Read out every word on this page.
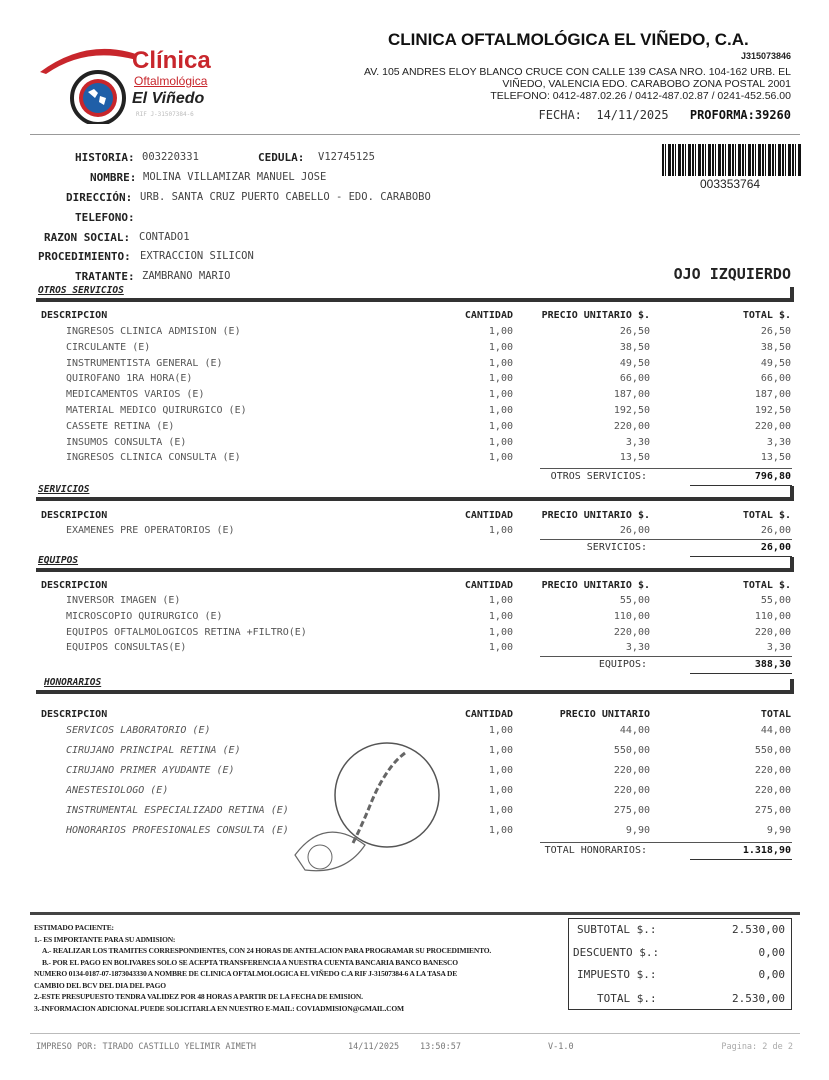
Clínica
Oftalmológica
El Viñedo
RIF J-31507384-6
CLINICA OFTALMOLÓGICA EL VIÑEDO, C.A.
J315073846
AV. 105 ANDRES ELOY BLANCO CRUCE CON CALLE 139 CASA NRO. 104-162 URB. EL
VIÑEDO, VALENCIA EDO. CARABOBO ZONA POSTAL 2001
TELEFONO: 0412-487.02.26 / 0412-487.02.87 / 0241-452.56.00
FECHA: 14/11/2025 PROFORMA:39260
003353764
HISTORIA: 003220331	CEDULA: V12745125
NOMBRE: MOLINA VILLAMIZAR MANUEL JOSE
DIRECCIÓN: URB. SANTA CRUZ PUERTO CABELLO - EDO. CARABOBO
TELEFONO:
RAZON SOCIAL: CONTADO1
PROCEDIMIENTO: EXTRACCION SILICON
TRATANTE: ZAMBRANO MARIO	OJO IZQUIERDO
OTROS SERVICIOS
DESCRIPCION	CANTIDAD	PRECIO UNITARIO $.	TOTAL $.
INGRESOS CLINICA ADMISION (E)	1,00	26,50	26,50
CIRCULANTE (E)	1,00	38,50	38,50
INSTRUMENTISTA GENERAL (E)	1,00	49,50	49,50
QUIROFANO 1RA HORA(E)	1,00	66,00	66,00
MEDICAMENTOS VARIOS (E)	1,00	187,00	187,00
MATERIAL MEDICO QUIRURGICO (E)	1,00	192,50	192,50
CASSETE RETINA (E)	1,00	220,00	220,00
INSUMOS CONSULTA (E)	1,00	3,30	3,30
INGRESOS CLINICA CONSULTA (E)	1,00	13,50	13,50
OTROS SERVICIOS:	796,80
SERVICIOS
DESCRIPCION	CANTIDAD	PRECIO UNITARIO $.	TOTAL $.
EXAMENES PRE OPERATORIOS (E)	1,00	26,00	26,00
SERVICIOS:	26,00
EQUIPOS
DESCRIPCION	CANTIDAD	PRECIO UNITARIO $.	TOTAL $.
INVERSOR IMAGEN (E)	1,00	55,00	55,00
MICROSCOPIO QUIRURGICO (E)	1,00	110,00	110,00
EQUIPOS OFTALMOLOGICOS RETINA +FILTRO(E)	1,00	220,00	220,00
EQUIPOS CONSULTAS(E)	1,00	3,30	3,30
EQUIPOS:	388,30
HONORARIOS
DESCRIPCION	CANTIDAD	PRECIO UNITARIO	TOTAL
SERVICOS LABORATORIO (E)	1,00	44,00	44,00
CIRUJANO PRINCIPAL RETINA (E)	1,00	550,00	550,00
CIRUJANO PRIMER AYUDANTE (E)	1,00	220,00	220,00
ANESTESIOLOGO (E)	1,00	220,00	220,00
INSTRUMENTAL ESPECIALIZADO RETINA (E)	1,00	275,00	275,00
HONORARIOS PROFESIONALES CONSULTA (E)	1,00	9,90	9,90
TOTAL HONORARIOS:	1.318,90
ESTIMADO PACIENTE:
1.- ES IMPORTANTE PARA SU ADMISION:
A.- REALIZAR LOS TRAMITES CORRESPONDIENTES, CON 24 HORAS DE ANTELACION PARA PROGRAMAR SU PROCEDIMIENTO.
B.- POR EL PAGO EN BOLIVARES SOLO SE ACEPTA TRANSFERENCIA A NUESTRA CUENTA BANCARIA BANCO BANESCO
NUMERO 0134-0187-07-1873043330 A NOMBRE DE CLINICA OFTALMOLOGICA EL VIÑEDO C.A RIF J-31507384-6 A LA TASA DE
CAMBIO DEL BCV DEL DIA DEL PAGO
2.-ESTE PRESUPUESTO TENDRA VALIDEZ POR 48 HORAS A PARTIR DE LA FECHA DE EMISION.
3.-INFORMACION ADICIONAL PUEDE SOLICITARLA EN NUESTRO E-MAIL: COVIADMISION@GMAIL.COM
SUBTOTAL $.:	2.530,00
DESCUENTO $.:	0,00
IMPUESTO $.:	0,00
TOTAL $.:	2.530,00
IMPRESO POR: TIRADO CASTILLO YELIMIR AIMETH	14/11/2025 13:50:57	V-1.0	Pagina: 2 de 2
